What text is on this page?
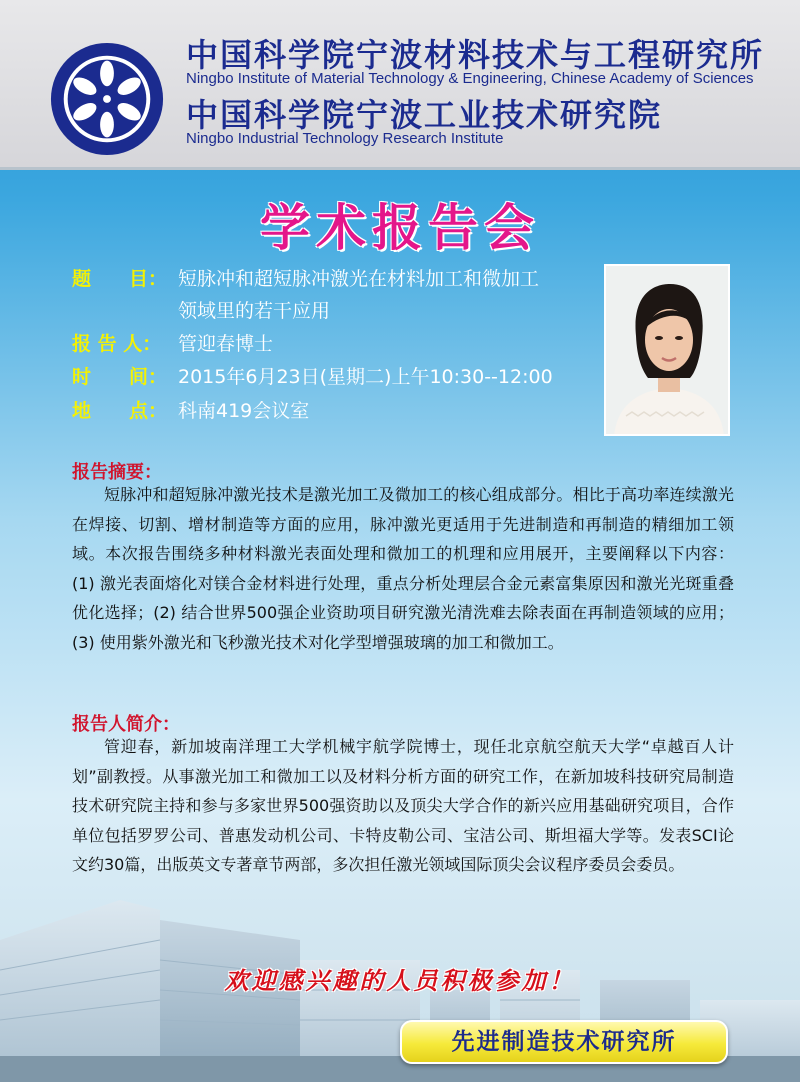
中国科学院宁波材料技术与工程研究所
Ningbo Institute of Material Technology & Engineering, Chinese Academy of Sciences
中国科学院宁波工业技术研究院
Ningbo Industrial Technology Research Institute
学术报告会
题　　目： 短脉冲和超短脉冲激光在材料加工和微加工
领域里的若干应用
报 告 人： 管迎春博士
时　　间： 2015年6月23日(星期二)上午10:30--12:00
地　　点： 科南419会议室
报告摘要：

短脉冲和超短脉冲激光技术是激光加工及微加工的核心组成部分。相比于高功率连续激光在焊接、切割、增材制造等方面的应用，脉冲激光更适用于先进制造和再制造的精细加工领域。本次报告围绕多种材料激光表面处理和微加工的机理和应用展开，主要阐释以下内容：(1) 激光表面熔化对镁合金材料进行处理，重点分析处理层合金元素富集原因和激光光斑重叠优化选择；(2) 结合世界500强企业资助项目研究激光清洗难去除表面在再制造领域的应用；(3) 使用紫外激光和飞秒激光技术对化学型增强玻璃的加工和微加工。

报告人简介：

管迎春，新加坡南洋理工大学机械宇航学院博士，现任北京航空航天大学“卓越百人计划”副教授。从事激光加工和微加工以及材料分析方面的研究工作，在新加坡科技研究局制造技术研究院主持和参与多家世界500强资助以及顶尖大学合作的新兴应用基础研究项目，合作单位包括罗罗公司、普惠发动机公司、卡特皮勒公司、宝洁公司、斯坦福大学等。发表SCI论文约30篇，出版英文专著章节两部，多次担任激光领域国际顶尖会议程序委员会委员。

欢迎感兴趣的人员积极参加！
先进制造技术研究所
